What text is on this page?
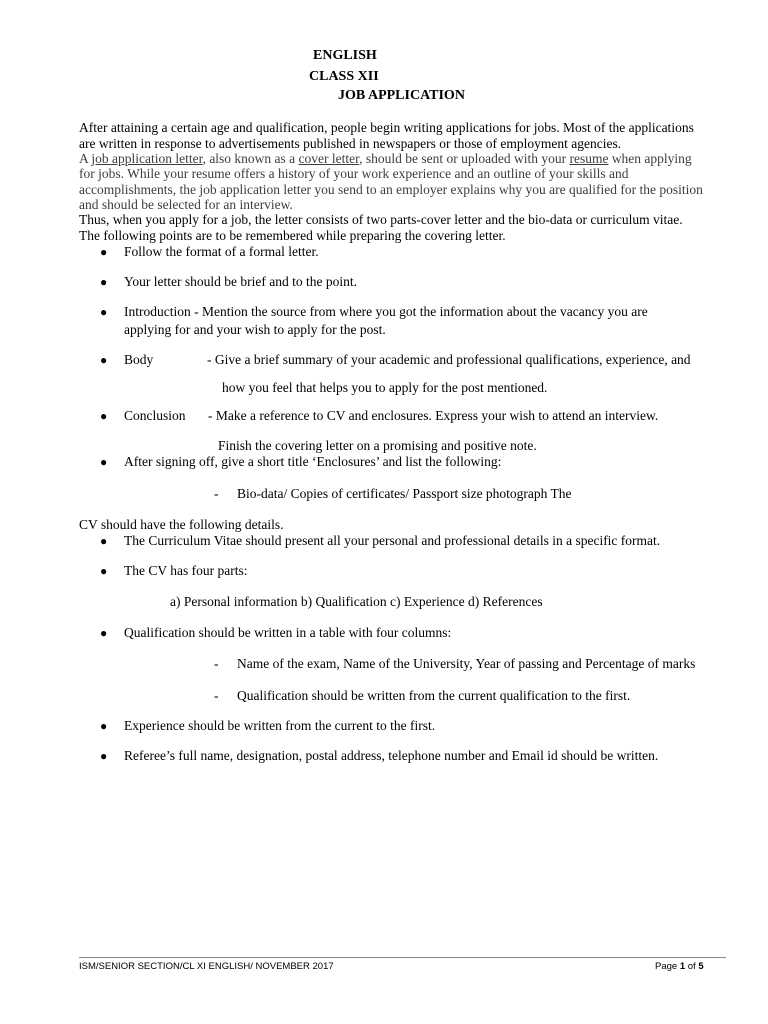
ENGLISH
CLASS XII
JOB APPLICATION
After attaining a certain age and qualification, people begin writing applications for jobs. Most of the applications
are written in response to advertisements published in newspapers or those of employment agencies.
A job application letter, also known as a cover letter, should be sent or uploaded with your resume when applying
for jobs. While your resume offers a history of your work experience and an outline of your skills and
accomplishments, the job application letter you send to an employer explains why you are qualified for the position
and should be selected for an interview.
Thus, when you apply for a job, the letter consists of two parts-cover letter and the bio-data or curriculum vitae.
The following points are to be remembered while preparing the covering letter.
● Follow the format of a formal letter.
● Your letter should be brief and to the point.
● Introduction - Mention the source from where you got the information about the vacancy you are
applying for and your wish to apply for the post.
● Body	- Give a brief summary of your academic and professional qualifications, experience, and
how you feel that helps you to apply for the post mentioned.
● Conclusion - Make a reference to CV and enclosures. Express your wish to attend an interview.
Finish the covering letter on a promising and positive note.
● After signing off, give a short title ‘Enclosures’ and list the following:
- Bio-data/ Copies of certificates/ Passport size photograph The
CV should have the following details.
● The Curriculum Vitae should present all your personal and professional details in a specific format.
● The CV has four parts:
a) Personal information b) Qualification c) Experience d) References
● Qualification should be written in a table with four columns:
- Name of the exam, Name of the University, Year of passing and Percentage of marks
- Qualification should be written from the current qualification to the first.
● Experience should be written from the current to the first.
● Referee’s full name, designation, postal address, telephone number and Email id should be written.
ISM/SENIOR SECTION/CL XI ENGLISH/ NOVEMBER 2017	Page 1 of 5
